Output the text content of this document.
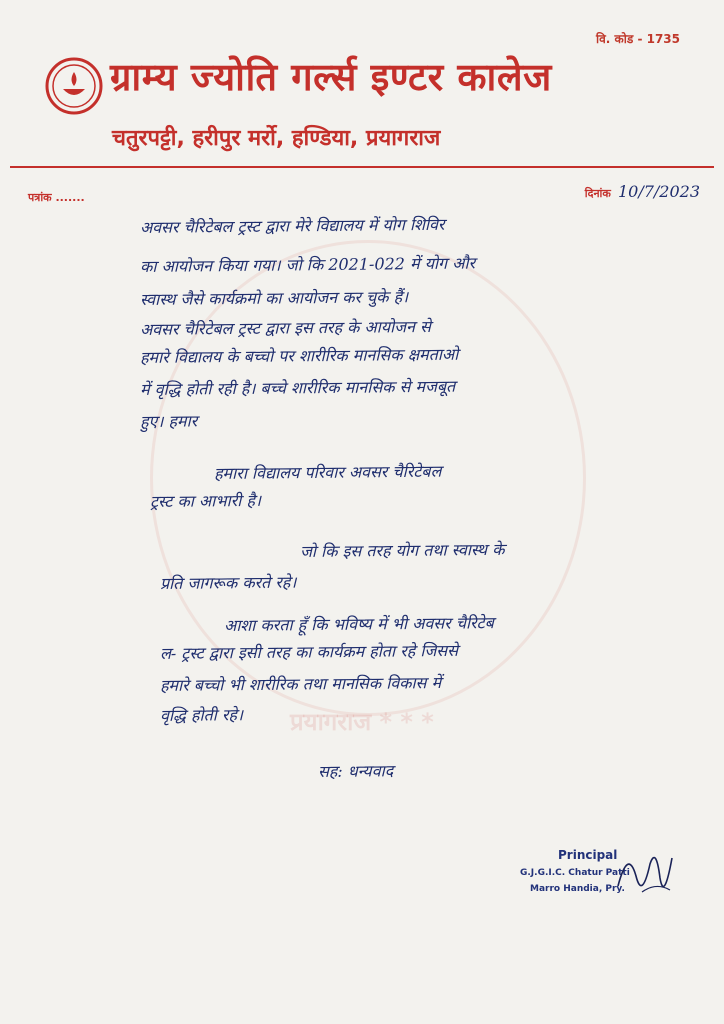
वि. कोड - 1735
ग्राम्य ज्योति गर्ल्स इण्टर कालेज
चतुरपट्टी, हरीपुर मर्रो, हण्डिया, प्रयागराज
पत्रांक .......	दिनांक 10/7/2023
प्रयागराज * * *
अवसर चैरिटेबल ट्रस्ट द्वारा मेरे विद्यालय में योग शिविर
का आयोजन किया गया। जो कि 2021-022 में योग और
स्वास्थ जैसे कार्यक्रमो का आयोजन कर चुके हैं।
अवसर चैरिटेबल ट्रस्ट द्वारा इस तरह के आयोजन से
हमारे विद्यालय के बच्चो पर शारीरिक मानसिक क्षमताओ
में वृद्धि होती रही है। बच्चे शारीरिक मानसिक से मजबूत
हुए। हमार
हमारा विद्यालय परिवार अवसर चैरिटेबल
ट्रस्ट का आभारी है।
जो कि इस तरह योग तथा स्वास्थ के
प्रति जागरूक करते रहे।
आशा करता हूँ कि भविष्य में भी अवसर चैरिटेब
ल- ट्रस्ट द्वारा इसी तरह का कार्यक्रम होता रहे जिससे
हमारे बच्चो भी शारीरिक तथा मानसिक विकास में
वृद्धि होती रहे।
सह: धन्यवाद
Principal
G.J.G.I.C. Chatur Patti
Marro Handia, Pry.
